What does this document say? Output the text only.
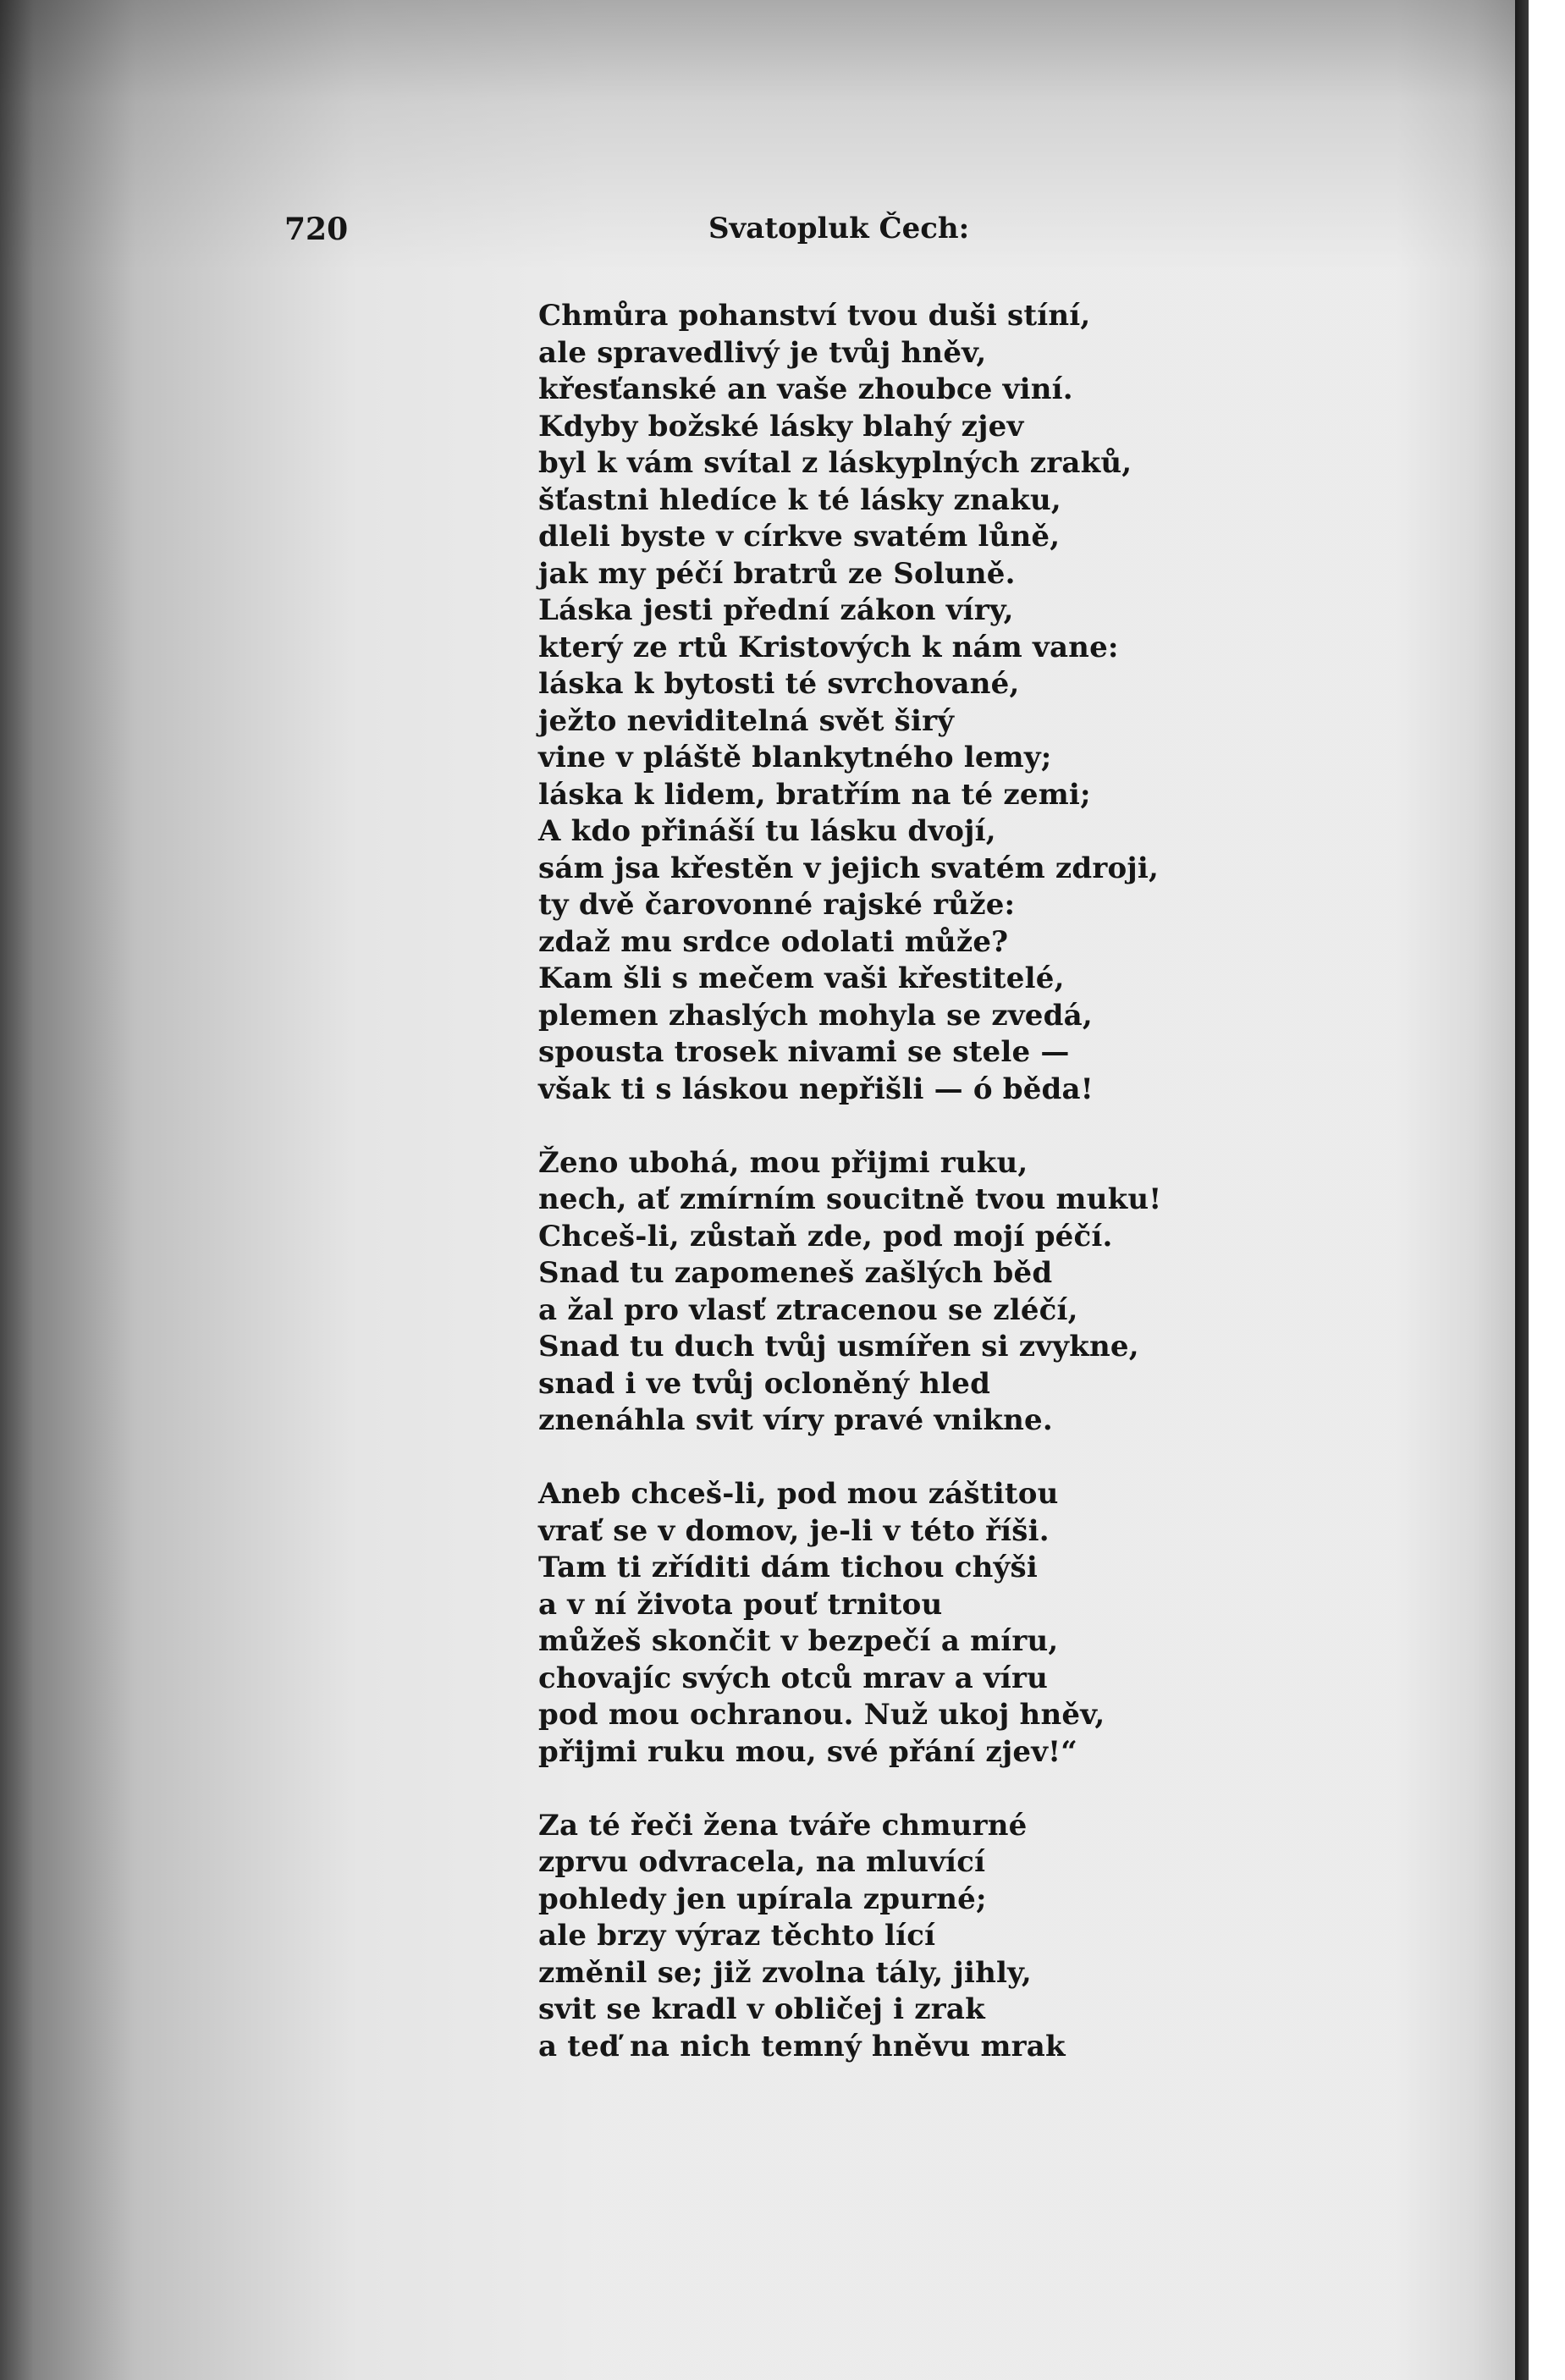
720	Svatopluk Čech:
Chmůra pohanství tvou duši stíní,
ale spravedlivý je tvůj hněv,
křesťanské an vaše zhoubce viní.
Kdyby božské lásky blahý zjev
byl k vám svítal z láskyplných zraků,
šťastni hledíce k té lásky znaku,
dleli byste v církve svatém lůně,
jak my péčí bratrů ze Soluně.
Láska jesti přední zákon víry,
který ze rtů Kristových k nám vane:
láska k bytosti té svrchované,
ježto neviditelná svět širý
vine v pláště blankytného lemy;
láska k lidem, bratřím na té zemi;
A kdo přináší tu lásku dvojí,
sám jsa křestěn v jejich svatém zdroji,
ty dvě čarovonné rajské růže:
zdaž mu srdce odolati může?
Kam šli s mečem vaši křestitelé,
plemen zhaslých mohyla se zvedá,
spousta trosek nivami se stele —
však ti s láskou nepřišli — ó běda!
Ženo ubohá, mou přijmi ruku,
nech, ať zmírním soucitně tvou muku!
Chceš-li, zůstaň zde, pod mojí péčí.
Snad tu zapomeneš zašlých běd
a žal pro vlasť ztracenou se zléčí,
Snad tu duch tvůj usmířen si zvykne,
snad i ve tvůj ocloněný hled
znenáhla svit víry pravé vnikne.
Aneb chceš-li, pod mou záštitou
vrať se v domov, je-li v této říši.
Tam ti zříditi dám tichou chýši
a v ní života pouť trnitou
můžeš skončit v bezpečí a míru,
chovajíc svých otců mrav a víru
pod mou ochranou. Nuž ukoj hněv,
přijmi ruku mou, své přání zjev!“
Za té řeči žena tváře chmurné
zprvu odvracela, na mluvící
pohledy jen upírala zpurné;
ale brzy výraz těchto lící
změnil se; již zvolna tály, jihly,
svit se kradl v obličej i zrak
a teď na nich temný hněvu mrak
